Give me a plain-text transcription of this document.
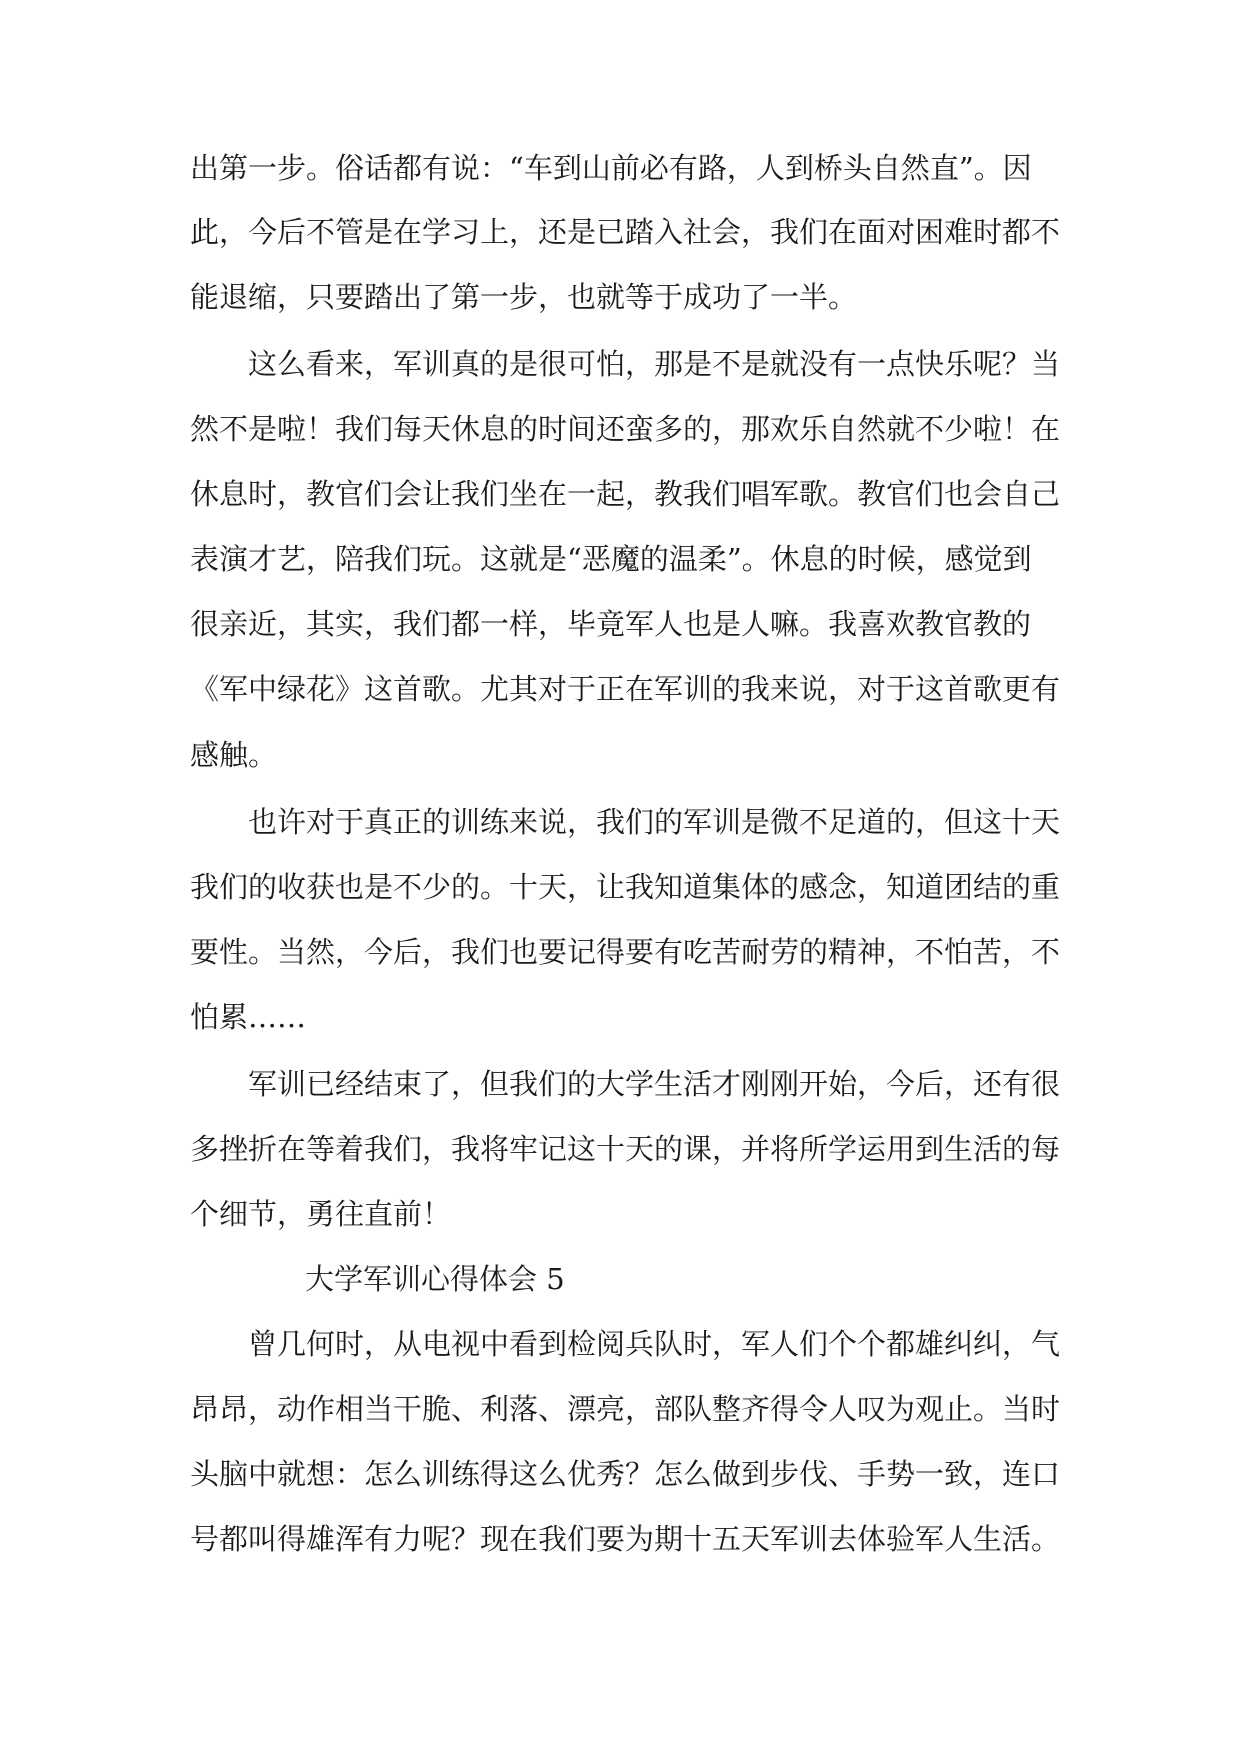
出第一步。俗话都有说：“车到山前必有路，人到桥头自然直”。因
此，今后不管是在学习上，还是已踏入社会，我们在面对困难时都不
能退缩，只要踏出了第一步，也就等于成功了一半。
这么看来，军训真的是很可怕，那是不是就没有一点快乐呢？当
然不是啦！我们每天休息的时间还蛮多的，那欢乐自然就不少啦！在
休息时，教官们会让我们坐在一起，教我们唱军歌。教官们也会自己
表演才艺，陪我们玩。这就是“恶魔的温柔”。休息的时候，感觉到
很亲近，其实，我们都一样，毕竟军人也是人嘛。我喜欢教官教的
《军中绿花》这首歌。尤其对于正在军训的我来说，对于这首歌更有
感触。
也许对于真正的训练来说，我们的军训是微不足道的，但这十天
我们的收获也是不少的。十天，让我知道集体的感念，知道团结的重
要性。当然，今后，我们也要记得要有吃苦耐劳的精神，不怕苦，不
怕累……
军训已经结束了，但我们的大学生活才刚刚开始，今后，还有很
多挫折在等着我们，我将牢记这十天的课，并将所学运用到生活的每
个细节，勇往直前！
大学军训心得体会 5
曾几何时，从电视中看到检阅兵队时，军人们个个都雄纠纠，气
昂昂，动作相当干脆、利落、漂亮，部队整齐得令人叹为观止。当时
头脑中就想：怎么训练得这么优秀？怎么做到步伐、手势一致，连口
号都叫得雄浑有力呢？现在我们要为期十五天军训去体验军人生活。
